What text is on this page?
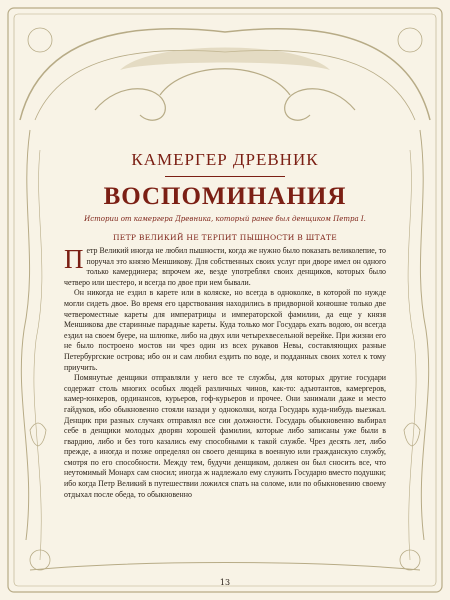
КАМЕРГЕР ДРЕВНИК
ВОСПОМИНАНИЯ
Истории от камергера Древника, который ранее был денщиком Петра I.
ПЕТР ВЕЛИКИЙ НЕ ТЕРПИТ ПЫШНОСТИ В ШТАТЕ

Петр Великий иногда не любил пышности, когда же нужно было показать великолепие, то поручал это князю Меншикову. Для собственных своих услуг при дворе имел он одного только камердинера; впрочем же, везде употреблял своих денщиков, которых было четверо или шестеро, и всегда по двое при нем бывали.

Он никогда не ездил в карете или в коляске, но всегда в одноколке, в которой по нужде могли сидеть двое. Во время его царствования находились в придворной конюшне только две четвероместные кареты для императрицы и императорской фамилии, да еще у князя Меншикова две старинные парадные кареты. Куда только мог Государь ехать водою, он всегда ездил на своем буере, на шлюпке, либо на двух или четырехвесельной верейке. При жизни его не было построено мостов ни чрез один из всех рукавов Невы, составляющих разные Петербургские острова; ибо он и сам любил ездить по воде, и подданных своих хотел к тому приучить.

Помянутые денщики отправляли у него все те службы, для которых другие государи содержат столь многих особых людей различных чинов, как-то: адъютантов, камергеров, камер-юнкеров, ординансов, курьеров, гоф-курьеров и прочее. Они занимали даже и место гайдуков, ибо обыкновенно стояли назади у одноколки, когда Государь куда-нибудь выезжал. Денщик при разных случаях отправлял все сии должности. Государь обыкновенно выбирал себе в денщики молодых дворян хорошей фамилии, которые либо записаны уже были в гвардию, либо и без того казались ему способными к такой службе. Чрез десять лет, либо прежде, а иногда и позже определял он своего денщика в военную или гражданскую службу, смотря по его способности. Между тем, будучи денщиком, должен он был сносить все, что неутомимый Монарх сам сносил; иногда ж надлежало ему служить Государю вместо подушки; ибо когда Петр Великий в путешествии ложился спать на соломе, или по обыкновению своему отдыхал после обеда, то обыкновенно

13
